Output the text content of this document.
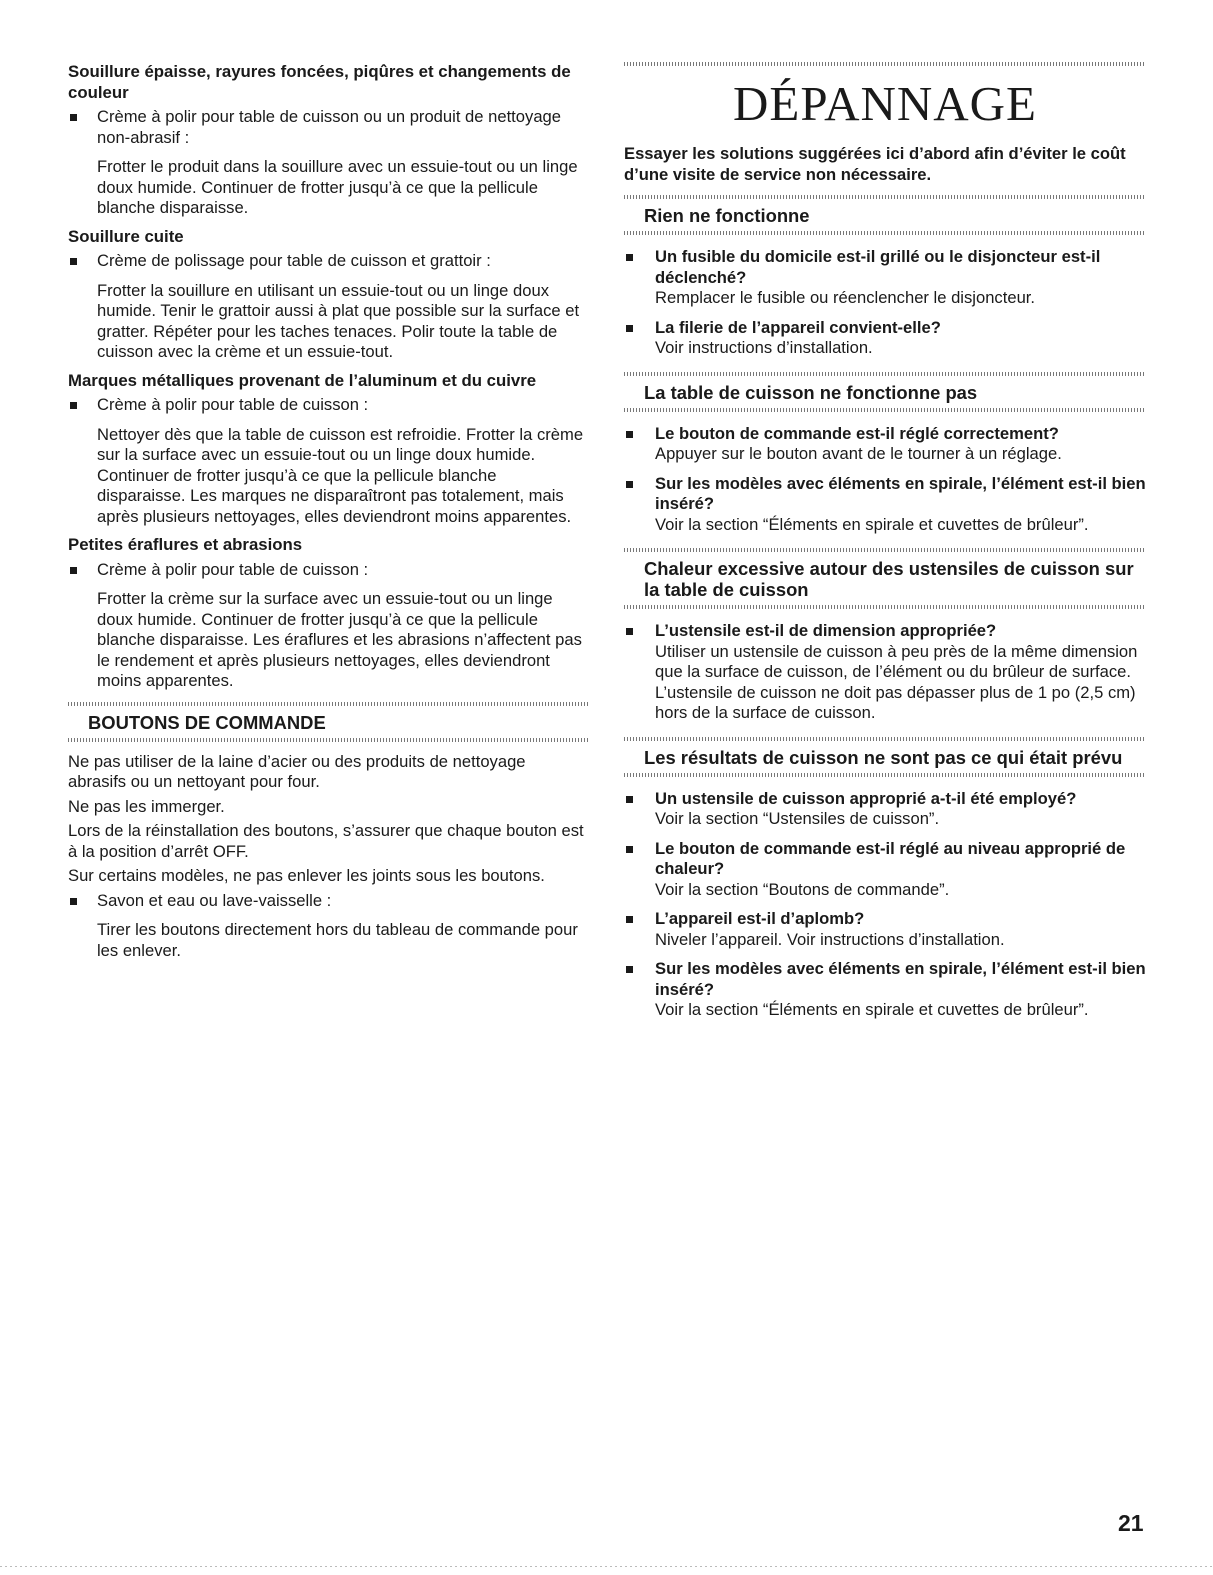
Souillure épaisse, rayures foncées, piqûres et changements de couleur
Crème à polir pour table de cuisson ou un produit de nettoyage non-abrasif :
Frotter le produit dans la souillure avec un essuie-tout ou un linge doux humide. Continuer de frotter jusqu’à ce que la pellicule blanche disparaisse.
Souillure cuite
Crème de polissage pour table de cuisson et grattoir :
Frotter la souillure en utilisant un essuie-tout ou un linge doux humide. Tenir le grattoir aussi à plat que possible sur la surface et gratter. Répéter pour les taches tenaces. Polir toute la table de cuisson avec la crème et un essuie-tout.
Marques métalliques provenant de l’aluminum et du cuivre
Crème à polir pour table de cuisson :
Nettoyer dès que la table de cuisson est refroidie. Frotter la crème sur la surface avec un essuie-tout ou un linge doux humide. Continuer de frotter jusqu’à ce que la pellicule blanche disparaisse. Les marques ne disparaîtront pas totalement, mais après plusieurs nettoyages, elles deviendront moins apparentes.
Petites éraflures et abrasions
Crème à polir pour table de cuisson :
Frotter la crème sur la surface avec un essuie-tout ou un linge doux humide. Continuer de frotter jusqu’à ce que la pellicule blanche disparaisse. Les éraflures et les abrasions n’affectent pas le rendement et après plusieurs nettoyages, elles deviendront moins apparentes.
BOUTONS DE COMMANDE
Ne pas utiliser de la laine d’acier ou des produits de nettoyage abrasifs ou un nettoyant pour four.
Ne pas les immerger.
Lors de la réinstallation des boutons, s’assurer que chaque bouton est à la position d’arrêt OFF.
Sur certains modèles, ne pas enlever les joints sous les boutons.
Savon et eau ou lave-vaisselle :
Tirer les boutons directement hors du tableau de commande pour les enlever.
DÉPANNAGE
Essayer les solutions suggérées ici d’abord afin d’éviter le coût d’une visite de service non nécessaire.
Rien ne fonctionne
Un fusible du domicile est-il grillé ou le disjoncteur est-il déclenché?
Remplacer le fusible ou réenclencher le disjoncteur.
La filerie de l’appareil convient-elle?
Voir instructions d’installation.
La table de cuisson ne fonctionne pas
Le bouton de commande est-il réglé correctement?
Appuyer sur le bouton avant de le tourner à un réglage.
Sur les modèles avec éléments en spirale, l’élément est-il bien inséré?
Voir la section “Éléments en spirale et cuvettes de brûleur”.
Chaleur excessive autour des ustensiles de cuisson sur la table de cuisson
L’ustensile est-il de dimension appropriée?
Utiliser un ustensile de cuisson à peu près de la même dimension que la surface de cuisson, de l’élément ou du brûleur de surface. L’ustensile de cuisson ne doit pas dépasser plus de 1 po (2,5 cm) hors de la surface de cuisson.
Les résultats de cuisson ne sont pas ce qui était prévu
Un ustensile de cuisson approprié a-t-il été employé?
Voir la section “Ustensiles de cuisson”.
Le bouton de commande est-il réglé au niveau approprié de chaleur?
Voir la section “Boutons de commande”.
L’appareil est-il d’aplomb?
Niveler l’appareil. Voir instructions d’installation.
Sur les modèles avec éléments en spirale, l’élément est-il bien inséré?
Voir la section “Éléments en spirale et cuvettes de brûleur”.
21
